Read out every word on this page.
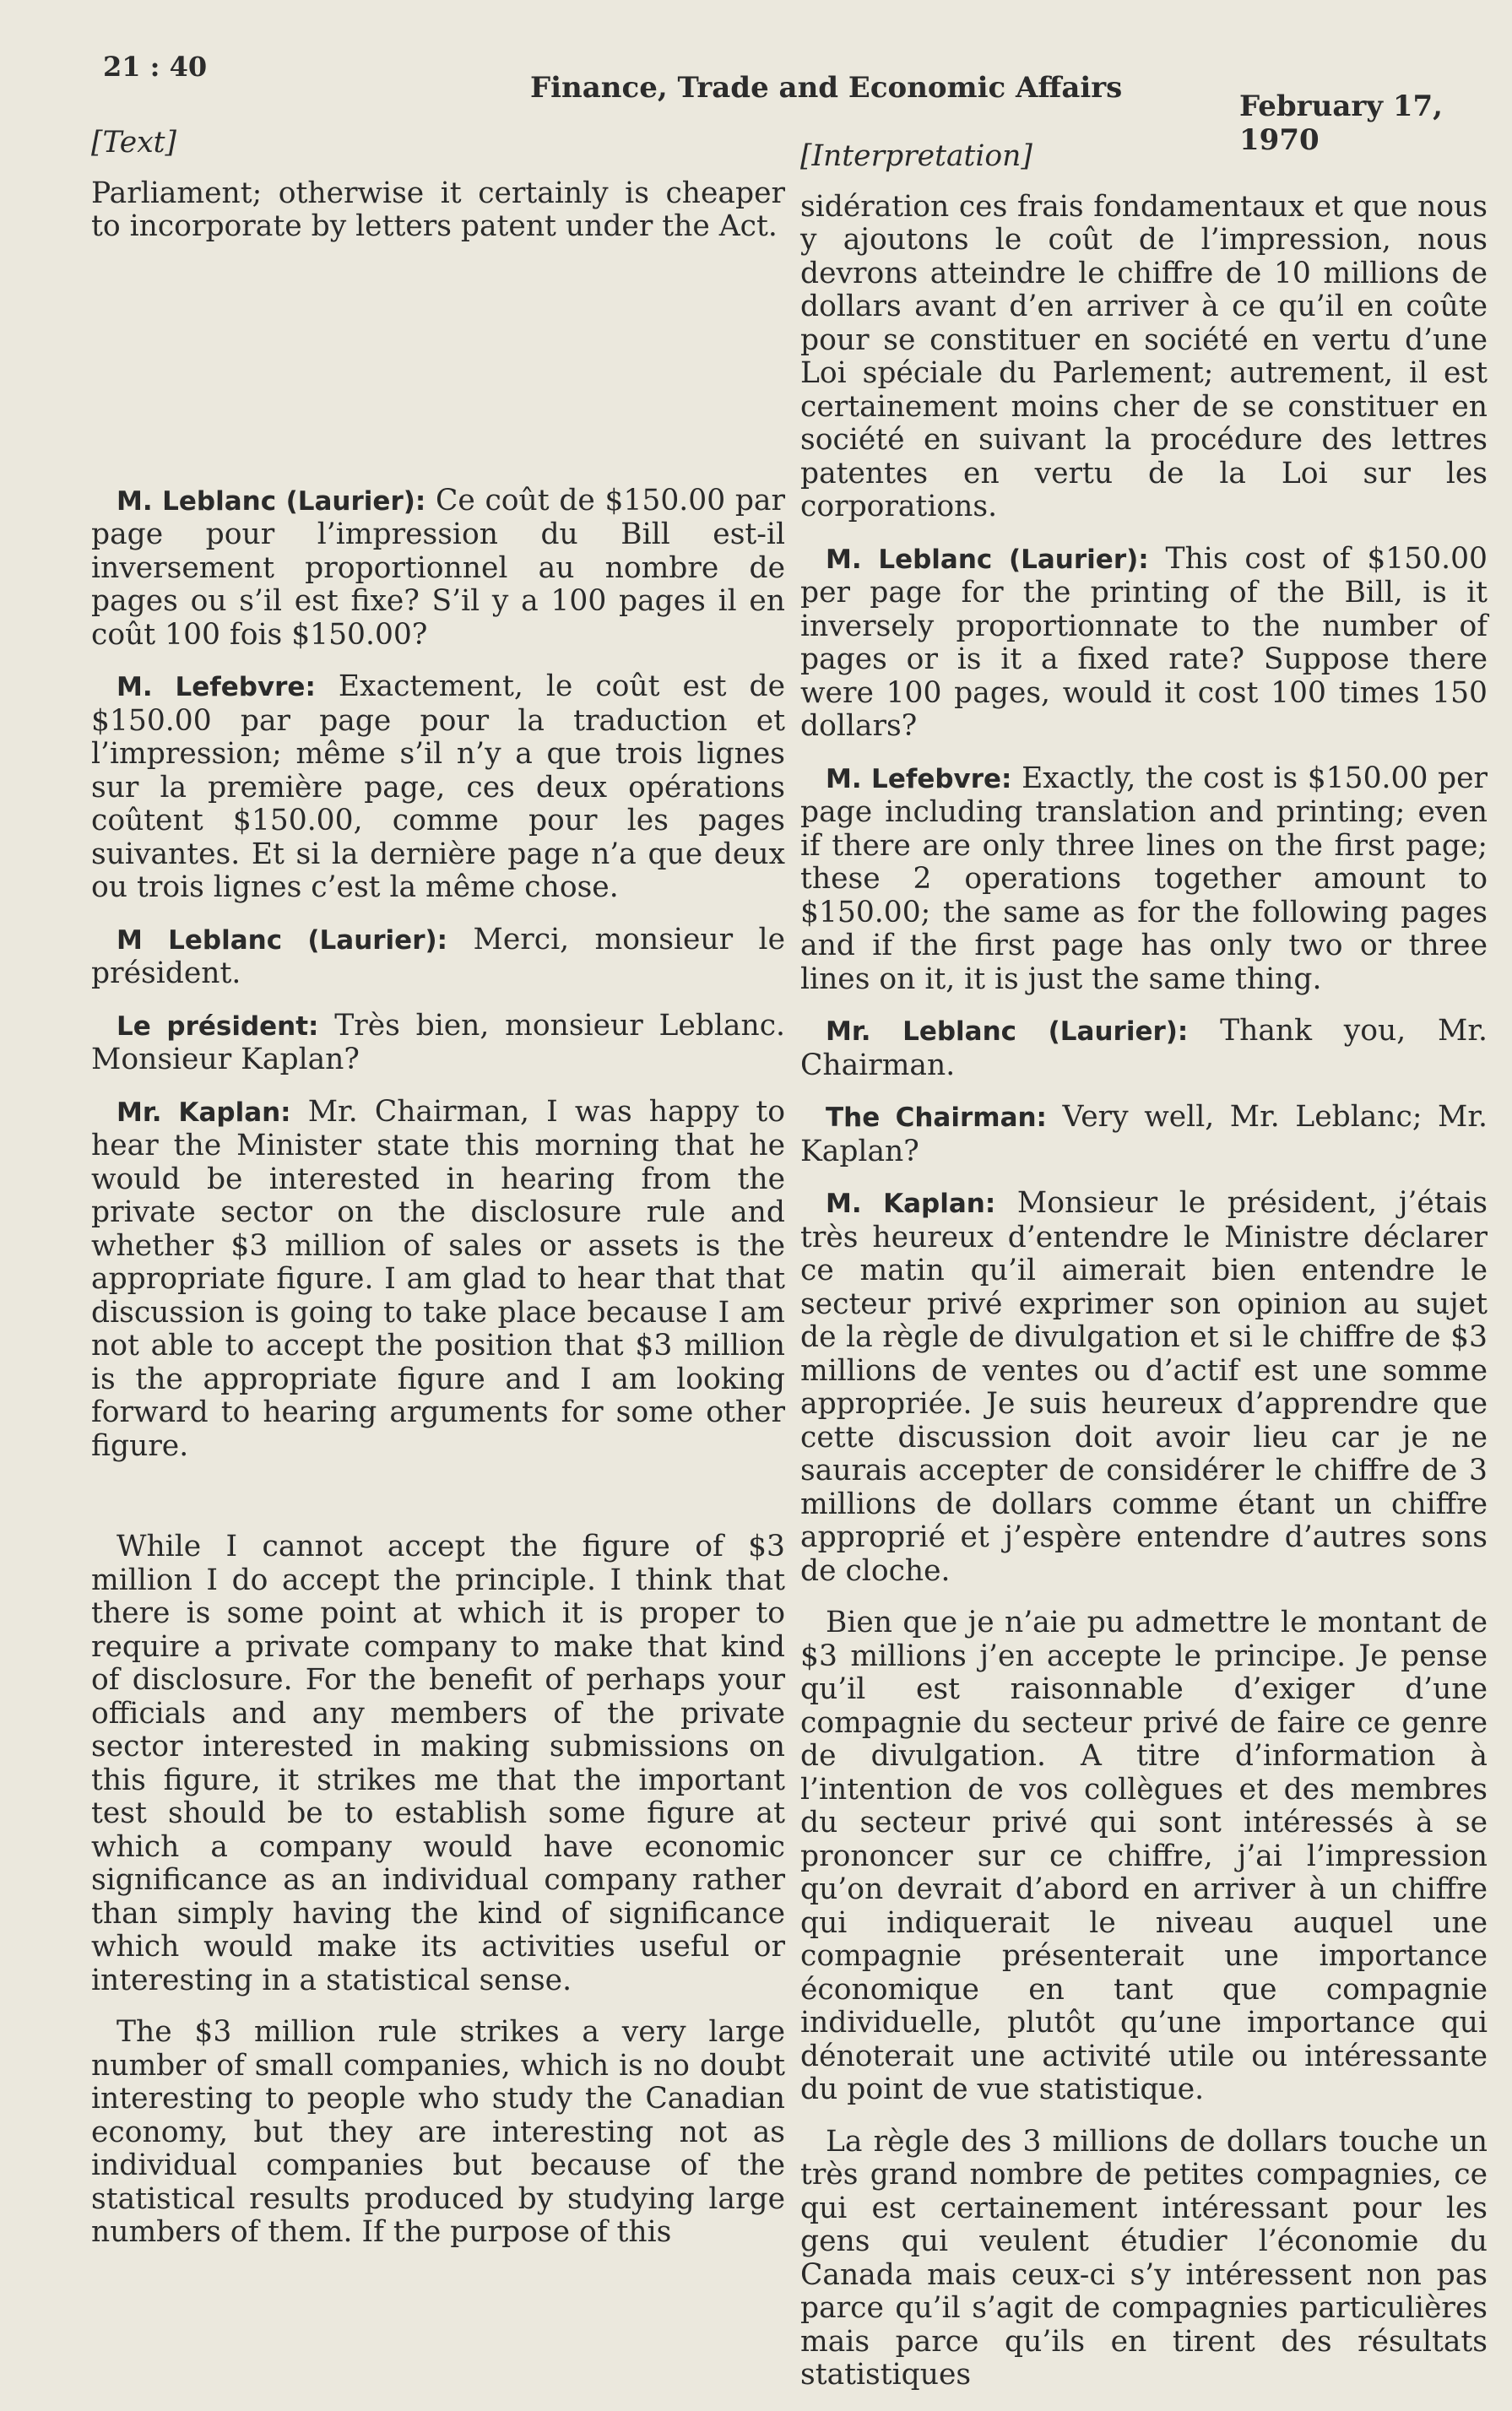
21 : 40
Finance, Trade and Economic Affairs
February 17, 1970
[Text]

Parliament; otherwise it certainly is cheaper to incorporate by letters patent under the Act.

M. Leblanc (Laurier): Ce coût de $150.00 par page pour l’impression du Bill est-il inversement proportionnel au nombre de pages ou s’il est fixe? S’il y a 100 pages il en coût 100 fois $150.00?

M. Lefebvre: Exactement, le coût est de $150.00 par page pour la traduction et l’impression; même s’il n’y a que trois lignes sur la première page, ces deux opérations coûtent $150.00, comme pour les pages suivantes. Et si la dernière page n’a que deux ou trois lignes c’est la même chose.

M Leblanc (Laurier): Merci, monsieur le président.

Le président: Très bien, monsieur Leblanc. Monsieur Kaplan?

Mr. Kaplan: Mr. Chairman, I was happy to hear the Minister state this morning that he would be interested in hearing from the private sector on the disclosure rule and whether $3 million of sales or assets is the appropriate figure. I am glad to hear that that discussion is going to take place because I am not able to accept the position that $3 million is the appropriate figure and I am looking forward to hearing arguments for some other figure.

While I cannot accept the figure of $3 million I do accept the principle. I think that there is some point at which it is proper to require a private company to make that kind of disclosure. For the benefit of perhaps your officials and any members of the private sector interested in making submissions on this figure, it strikes me that the important test should be to establish some figure at which a company would have economic significance as an individual company rather than simply having the kind of significance which would make its activities useful or interesting in a statistical sense.

The $3 million rule strikes a very large number of small companies, which is no doubt interesting to people who study the Canadian economy, but they are interesting not as individual companies but because of the statistical results produced by studying large numbers of them. If the purpose of this

[Interpretation]

sidération ces frais fondamentaux et que nous y ajoutons le coût de l’impression, nous devrons atteindre le chiffre de 10 millions de dollars avant d’en arriver à ce qu’il en coûte pour se constituer en société en vertu d’une Loi spéciale du Parlement; autrement, il est certainement moins cher de se constituer en société en suivant la procédure des lettres patentes en vertu de la Loi sur les corporations.

M. Leblanc (Laurier): This cost of $150.00 per page for the printing of the Bill, is it inversely proportionnate to the number of pages or is it a fixed rate? Suppose there were 100 pages, would it cost 100 times 150 dollars?

M. Lefebvre: Exactly, the cost is $150.00 per page including translation and printing; even if there are only three lines on the first page; these 2 operations together amount to $150.00; the same as for the following pages and if the first page has only two or three lines on it, it is just the same thing.

Mr. Leblanc (Laurier): Thank you, Mr. Chairman.

The Chairman: Very well, Mr. Leblanc; Mr. Kaplan?

M. Kaplan: Monsieur le président, j’étais très heureux d’entendre le Ministre déclarer ce matin qu’il aimerait bien entendre le secteur privé exprimer son opinion au sujet de la règle de divulgation et si le chiffre de $3 millions de ventes ou d’actif est une somme appropriée. Je suis heureux d’apprendre que cette discussion doit avoir lieu car je ne saurais accepter de considérer le chiffre de 3 millions de dollars comme étant un chiffre approprié et j’espère entendre d’autres sons de cloche.

Bien que je n’aie pu admettre le montant de $3 millions j’en accepte le principe. Je pense qu’il est raisonnable d’exiger d’une compagnie du secteur privé de faire ce genre de divulgation. A titre d’information à l’intention de vos collègues et des membres du secteur privé qui sont intéressés à se prononcer sur ce chiffre, j’ai l’impression qu’on devrait d’abord en arriver à un chiffre qui indiquerait le niveau auquel une compagnie présenterait une importance économique en tant que compagnie individuelle, plutôt qu’une importance qui dénoterait une activité utile ou intéressante du point de vue statistique.

La règle des 3 millions de dollars touche un très grand nombre de petites compagnies, ce qui est certainement intéressant pour les gens qui veulent étudier l’économie du Canada mais ceux-ci s’y intéressent non pas parce qu’il s’agit de compagnies particulières mais parce qu’ils en tirent des résultats statistiques
